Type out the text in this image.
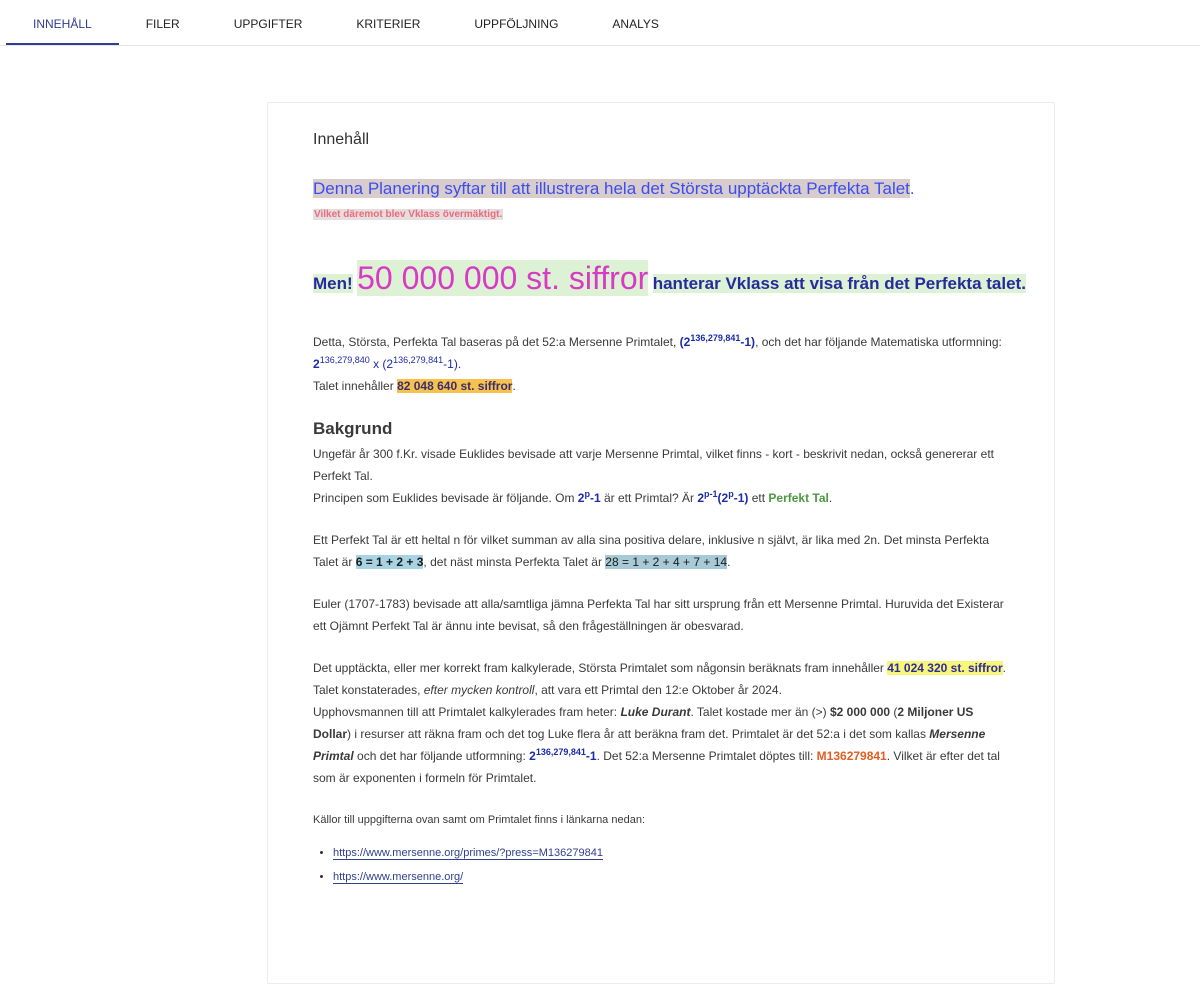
INNEHÅLL	FILER	UPPGIFTER	KRITERIER	UPPFÖLJNING	ANALYS
Innehåll
Denna Planering syftar till att illustrera hela det Största upptäckta Perfekta Talet.
Vilket däremot blev Vklass övermäktigt.
Men! 50 000 000 st. siffror hanterar Vklass att visa från det Perfekta talet.

Detta, Största, Perfekta Tal baseras på det 52:a Mersenne Primtalet, (2$^{136,279,841}$-1), och det har följande Matematiska utformning:

2$^{136,279,840}$ x (2$^{136,279,841}$-1).

Talet innehåller 82 048 640 st. siffror.

Bakgrund

Ungefär år 300 f.Kr. visade Euklides bevisade att varje Mersenne Primtal, vilket finns - kort - beskrivit nedan, också genererar ett Perfekt Tal.

Principen som Euklides bevisade är följande. Om 2$^p$-1 är ett Primtal? Är 2$^{p-1}$(2$^p$-1) ett Perfekt Tal.

Ett Perfekt Tal är ett heltal n för vilket summan av alla sina positiva delare, inklusive n självt, är lika med 2n. Det minsta Perfekta Talet är 6 = 1 + 2 + 3, det näst minsta Perfekta Talet är 28 = 1 + 2 + 4 + 7 + 14.

Euler (1707-1783) bevisade att alla/samtliga jämna Perfekta Tal har sitt ursprung från ett Mersenne Primtal. Huruvida det Existerar ett Ojämnt Perfekt Tal är ännu inte bevisat, så den frågeställningen är obesvarad.

Det upptäckta, eller mer korrekt fram kalkylerade, Största Primtalet som någonsin beräknats fram innehåller 41 024 320 st. siffror.

Talet konstaterades, efter mycken kontroll, att vara ett Primtal den 12:e Oktober år 2024.

Upphovsmannen till att Primtalet kalkylerades fram heter: Luke Durant. Talet kostade mer än (>) $2 000 000 (2 Miljoner US Dollar) i resurser att räkna fram och det tog Luke flera år att beräkna fram det. Primtalet är det 52:a i det som kallas Mersenne Primtal och det har följande utformning: 2$^{136,279,841}$-1. Det 52:a Mersenne Primtalet döptes till: M136279841. Vilket är efter det tal som är exponenten i formeln för Primtalet.

Källor till uppgifterna ovan samt om Primtalet finns i länkarna nedan:

• https://www.mersenne.org/primes/?press=M136279841
• https://www.mersenne.org/
